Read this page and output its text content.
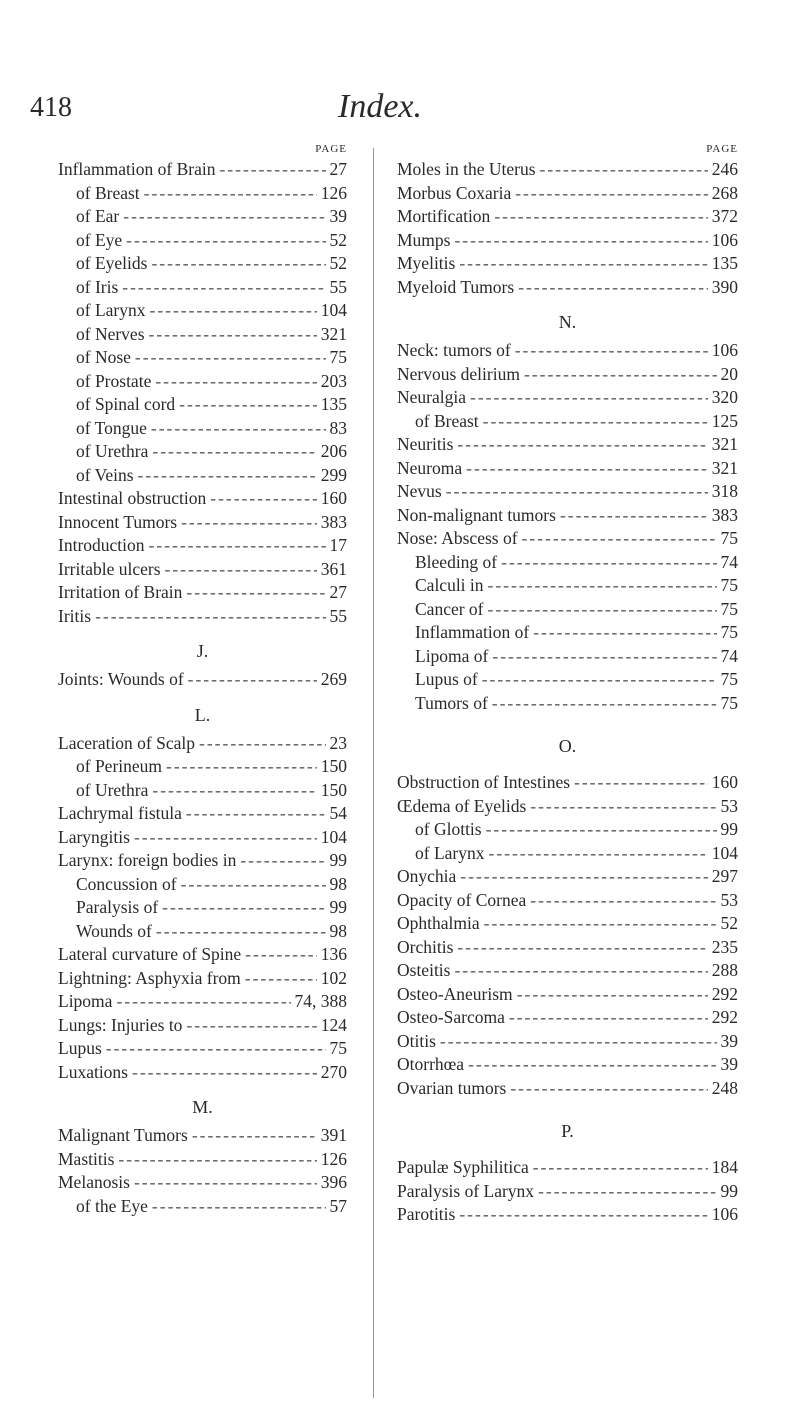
418	Index.
PAGE
Inflammation of Brain -----	27
of Breast -----	126
of Ear -----	39
of Eye -----	52
of Eyelids -----	52
of Iris -----	55
of Larynx -----	104
of Nerves -----	321
of Nose -----	75
of Prostate -----	203
of Spinal cord -----	135
of Tongue -----	83
of Urethra -----	206
of Veins -----	299
Intestinal obstruction -----	160
Innocent Tumors -----	383
Introduction -----	17
Irritable ulcers -----	361
Irritation of Brain -----	27
Iritis -----	55
J.
Joints: Wounds of -----	269
L.
Laceration of Scalp -----	23
of Perineum -----	150
of Urethra -----	150
Lachrymal fistula -----	54
Laryngitis -----	104
Larynx: foreign bodies in -----	99
Concussion of -----	98
Paralysis of -----	99
Wounds of -----	98
Lateral curvature of Spine -----	136
Lightning: Asphyxia from -----	102
Lipoma -----	74, 388
Lungs: Injuries to -----	124
Lupus -----	75
Luxations -----	270
M.
Malignant Tumors -----	391
Mastitis -----	126
Melanosis -----	396
of the Eye -----	57
PAGE
Moles in the Uterus -----	246
Morbus Coxaria -----	268
Mortification -----	372
Mumps -----	106
Myelitis -----	135
Myeloid Tumors -----	390
N.
Neck: tumors of -----	106
Nervous delirium -----	20
Neuralgia -----	320
of Breast -----	125
Neuritis -----	321
Neuroma -----	321
Nevus -----	318
Non-malignant tumors -----	383
Nose: Abscess of -----	75
Bleeding of -----	74
Calculi in -----	75
Cancer of -----	75
Inflammation of -----	75
Lipoma of -----	74
Lupus of -----	75
Tumors of -----	75
O.
Obstruction of Intestines -----	160
Œdema of Eyelids -----	53
of Glottis -----	99
of Larynx -----	104
Onychia -----	297
Opacity of Cornea -----	53
Ophthalmia -----	52
Orchitis -----	235
Osteitis -----	288
Osteo-Aneurism -----	292
Osteo-Sarcoma -----	292
Otitis -----	39
Otorrhœa -----	39
Ovarian tumors -----	248
P.
Papulæ Syphilitica -----	184
Paralysis of Larynx -----	99
Parotitis -----	106
